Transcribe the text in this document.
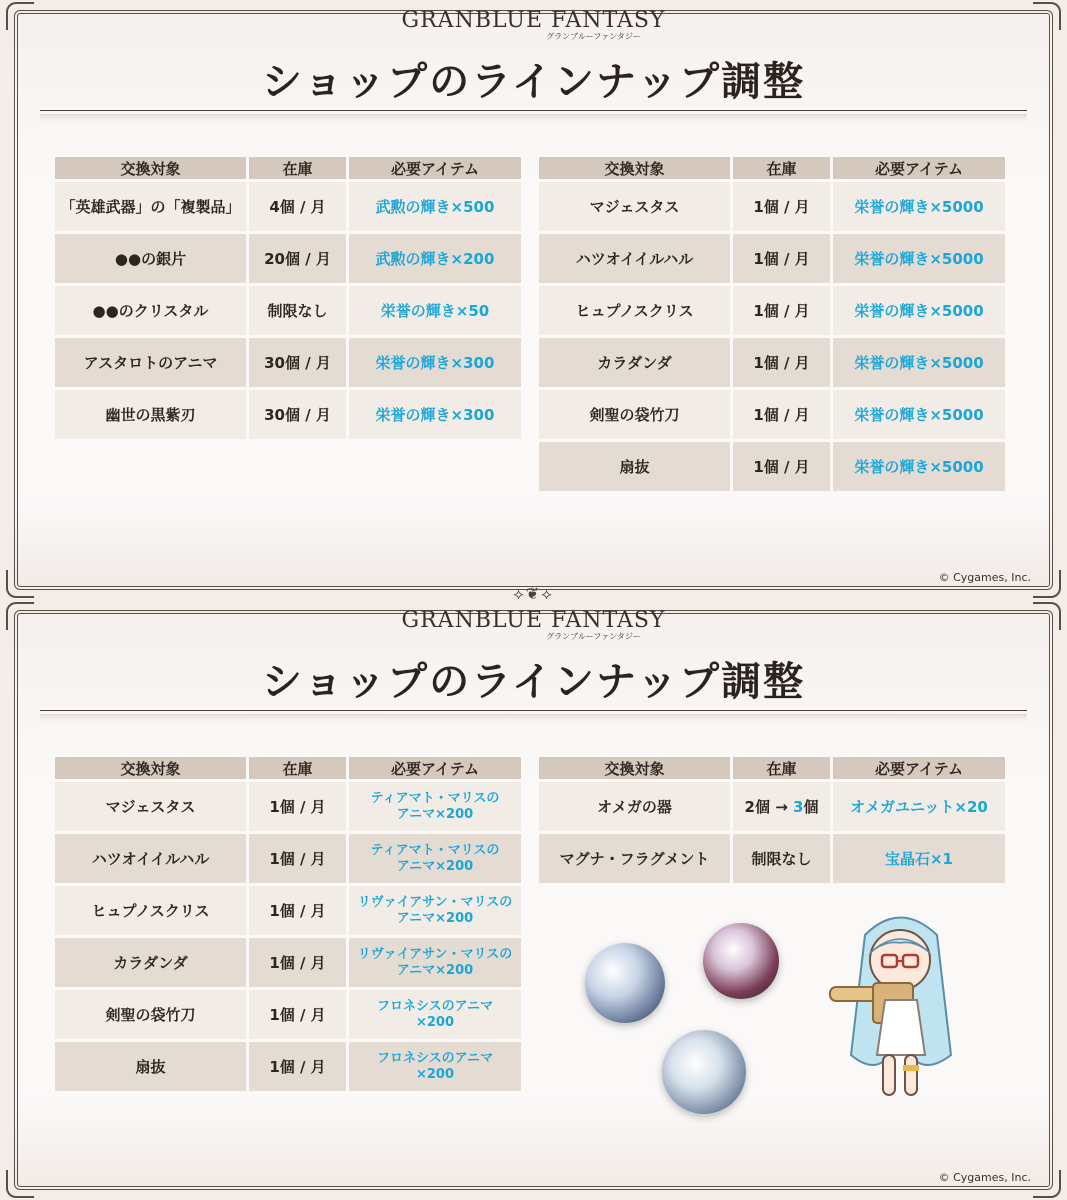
GRANBLUE FANTASY
グランブルーファンタジー
ショップのラインナップ調整
交換対象	在庫	必要アイテム
「英雄武器」の「複製品」	4個 / 月	武勲の輝き×500
●●の銀片	20個 / 月	武勲の輝き×200
●●のクリスタル	制限なし	栄誉の輝き×50
アスタロトのアニマ	30個 / 月	栄誉の輝き×300
幽世の黒紫刃	30個 / 月	栄誉の輝き×300
交換対象	在庫	必要アイテム
マジェスタス	1個 / 月	栄誉の輝き×5000
ハツオイイルハル	1個 / 月	栄誉の輝き×5000
ヒュプノスクリス	1個 / 月	栄誉の輝き×5000
カラダンダ	1個 / 月	栄誉の輝き×5000
剣聖の袋竹刀	1個 / 月	栄誉の輝き×5000
扇抜	1個 / 月	栄誉の輝き×5000
© Cygames, Inc.
⟡❦⟡
GRANBLUE FANTASY
グランブルーファンタジー
ショップのラインナップ調整
交換対象	在庫	必要アイテム
マジェスタス	1個 / 月	ティアマト・マリスの
アニマ×200
ハツオイイルハル	1個 / 月	ティアマト・マリスの
アニマ×200
ヒュプノスクリス	1個 / 月	リヴァイアサン・マリスの
アニマ×200
カラダンダ	1個 / 月	リヴァイアサン・マリスの
アニマ×200
剣聖の袋竹刀	1個 / 月	フロネシスのアニマ
×200
扇抜	1個 / 月	フロネシスのアニマ
×200
交換対象	在庫	必要アイテム
オメガの器	2個 → 3個	オメガユニット×20
マグナ・フラグメント	制限なし	宝晶石×1
© Cygames, Inc.
